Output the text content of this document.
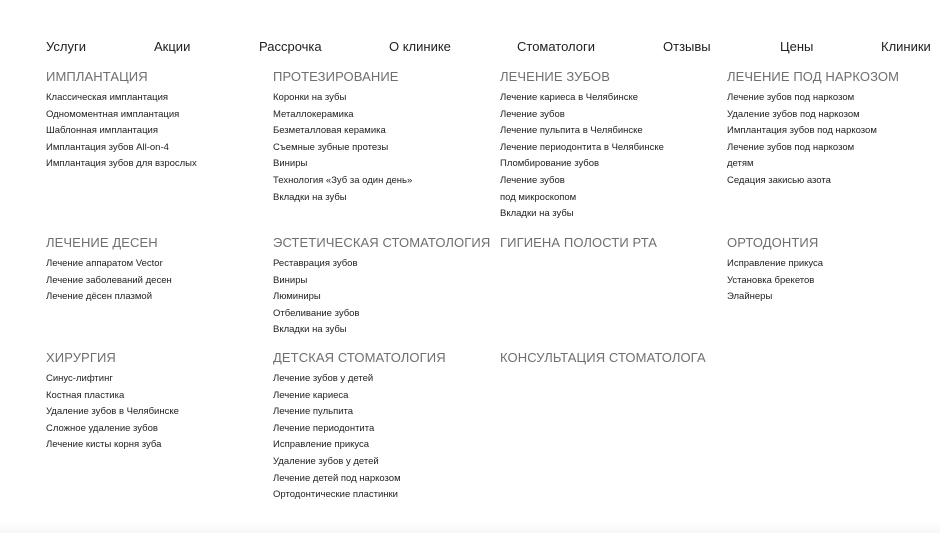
Услуги	Акции	Рассрочка	О клинике	Стоматологи	Отзывы	Цены	Клиники
ИМПЛАНТАЦИЯ
Классическая имплантация
Одномоментная имплантация
Шаблонная имплантация
Имплантация зубов All-on-4
Имплантация зубов для взрослых
ПРОТЕЗИРОВАНИЕ
Коронки на зубы
Металлокерамика
Безметалловая керамика
Съемные зубные протезы
Виниры
Технология «Зуб за один день»
Вкладки на зубы
ЛЕЧЕНИЕ ЗУБОВ
Лечение кариеса в Челябинске
Лечение зубов
Лечение пульпита в Челябинске
Лечение периодонтита в Челябинске
Пломбирование зубов
Лечение зубов
под микроскопом
Вкладки на зубы
ЛЕЧЕНИЕ ПОД НАРКОЗОМ
Лечение зубов под наркозом
Удаление зубов под наркозом
Имплантация зубов под наркозом
Лечение зубов под наркозом
детям
Седация закисью азота
ЛЕЧЕНИЕ ДЕСЕН
Лечение аппаратом Vector
Лечение заболеваний десен
Лечение дёсен плазмой
ЭСТЕТИЧЕСКАЯ СТОМАТОЛОГИЯ
Реставрация зубов
Виниры
Люминиры
Отбеливание зубов
Вкладки на зубы
ГИГИЕНА ПОЛОСТИ РТА	ОРТОДОНТИЯ
Исправление прикуса
Установка брекетов
Элайнеры
ХИРУРГИЯ
Синус-лифтинг
Костная пластика
Удаление зубов в Челябинске
Сложное удаление зубов
Лечение кисты корня зуба
ДЕТСКАЯ СТОМАТОЛОГИЯ
Лечение зубов у детей
Лечение кариеса
Лечение пульпита
Лечение периодонтита
Исправление прикуса
Удаление зубов у детей
Лечение детей под наркозом
Ортодонтические пластинки
КОНСУЛЬТАЦИЯ СТОМАТОЛОГА
